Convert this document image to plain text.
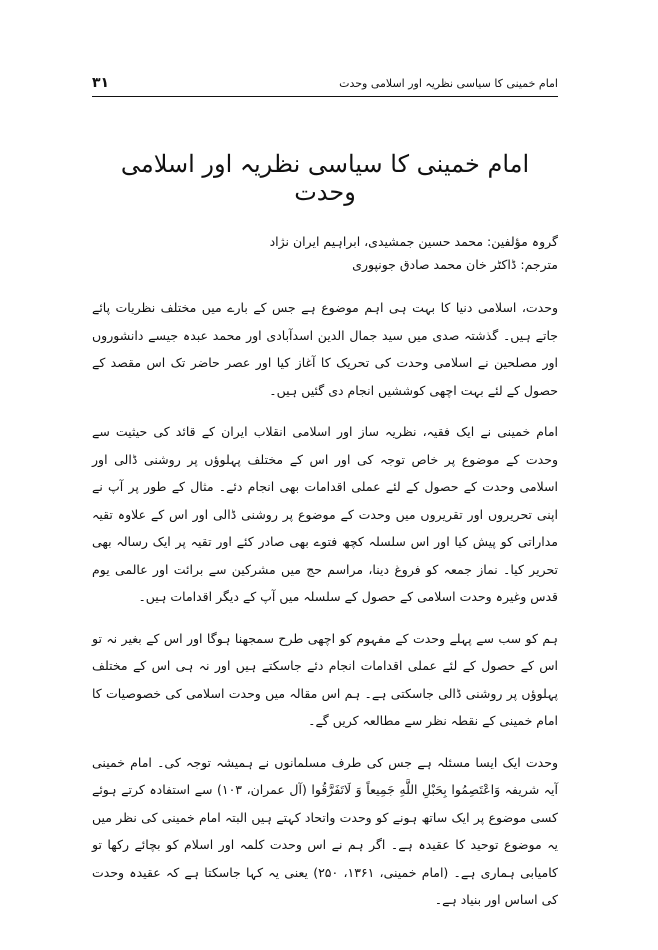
۳۱	امام خمینی کا سیاسی نظریہ اور اسلامی وحدت
امام خمینی کا سیاسی نظریہ اور اسلامی وحدت

گروہ مؤلفین: محمد حسین جمشیدی، ابراہیم ایران نژاد

مترجم: ڈاکٹر خان محمد صادق جونپوری

وحدت، اسلامی دنیا کا بہت ہی اہم موضوع ہے جس کے بارے میں مختلف نظریات پائے جاتے ہیں۔ گذشتہ صدی میں سید جمال الدین اسدآبادی اور محمد عبدہ جیسے دانشوروں اور مصلحین نے اسلامی وحدت کی تحریک کا آغاز کیا اور عصر حاضر تک اس مقصد کے حصول کے لئے بہت اچھی کوششیں انجام دی گئیں ہیں۔

امام خمینی نے ایک فقیہ، نظریہ ساز اور اسلامی انقلاب ایران کے قائد کی حیثیت سے وحدت کے موضوع پر خاص توجہ کی اور اس کے مختلف پہلوؤں پر روشنی ڈالی اور اسلامی وحدت کے حصول کے لئے عملی اقدامات بھی انجام دئے۔ مثال کے طور پر آپ نے اپنی تحریروں اور تقریروں میں وحدت کے موضوع پر روشنی ڈالی اور اس کے علاوہ تقیہ مداراتی کو پیش کیا اور اس سلسلہ کچھ فتوے بھی صادر کئے اور تقیہ پر ایک رسالہ بھی تحریر کیا۔ نماز جمعہ کو فروغ دینا، مراسم حج میں مشرکین سے برائت اور عالمی یوم قدس وغیرہ وحدت اسلامی کے حصول کے سلسلہ میں آپ کے دیگر اقدامات ہیں۔

ہم کو سب سے پہلے وحدت کے مفہوم کو اچھی طرح سمجھنا ہوگا اور اس کے بغیر نہ تو اس کے حصول کے لئے عملی اقدامات انجام دئے جاسکتے ہیں اور نہ ہی اس کے مختلف پہلوؤں پر روشنی ڈالی جاسکتی ہے۔ ہم اس مقالہ میں وحدت اسلامی کی خصوصیات کا امام خمینی کے نقطہ نظر سے مطالعہ کریں گے۔

وحدت ایک ایسا مسئلہ ہے جس کی طرف مسلمانوں نے ہمیشہ توجہ کی۔ امام خمینی آیہ شریفہ وَاعْتَصِمُوا بِحَبْلِ اللَّهِ جَمِيعاً وَ لَاتَفَرَّقُوا (آل عمران، ۱۰۳) سے استفادہ کرتے ہوئے کسی موضوع پر ایک ساتھ ہونے کو وحدت واتحاد کہتے ہیں البتہ امام خمینی کی نظر میں یہ موضوع توحید کا عقیدہ ہے۔ اگر ہم نے اس وحدت کلمہ اور اسلام کو بچائے رکھا تو کامیابی ہماری ہے۔ (امام خمینی، ۱۳۶۱، ۲۵۰) یعنی یہ کہا جاسکتا ہے کہ عقیدہ وحدت کی اساس اور بنیاد ہے۔
